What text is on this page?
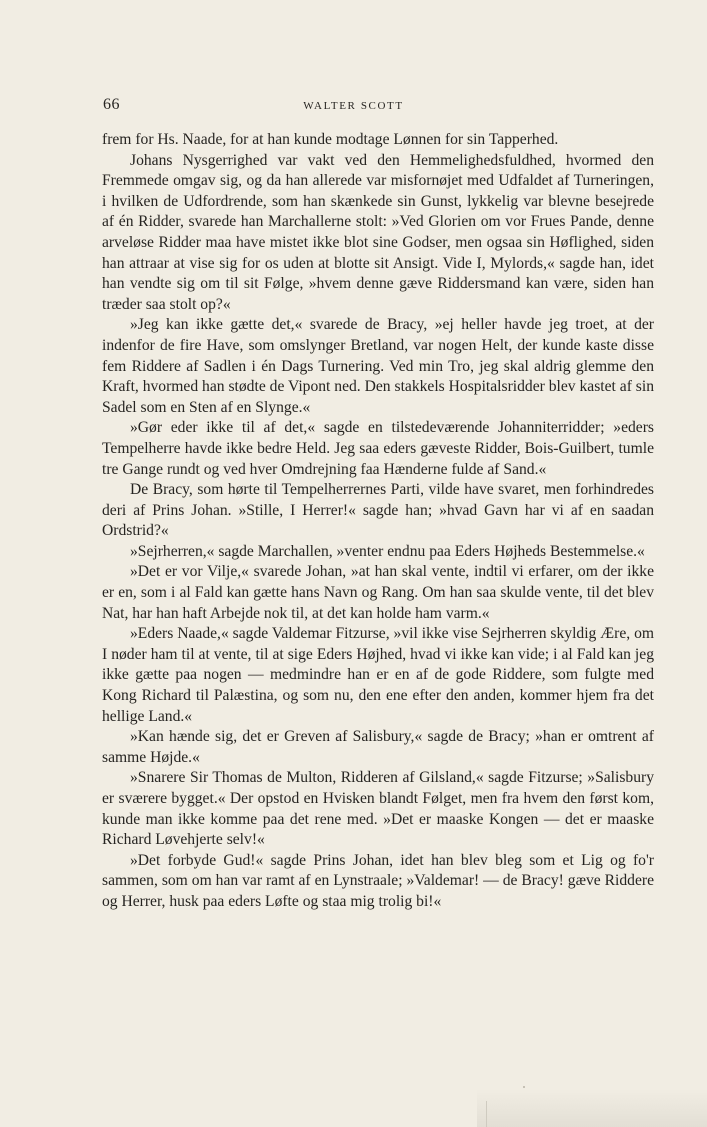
66	WALTER SCOTT

frem for Hs. Naade, for at han kunde modtage Lønnen for sin Tapperhed.

Johans Nysgerrighed var vakt ved den Hemmelighedsfuldhed, hvormed den Fremmede omgav sig, og da han allerede var misfornøjet med Udfaldet af Turneringen, i hvilken de Udfordrende, som han skænkede sin Gunst, lykkelig var blevne besejrede af én Ridder, svarede han Marchallerne stolt: »Ved Glorien om vor Frues Pande, denne arveløse Ridder maa have mistet ikke blot sine Godser, men ogsaa sin Høflighed, siden han attraar at vise sig for os uden at blotte sit Ansigt. Vide I, Mylords,« sagde han, idet han vendte sig om til sit Følge, »hvem denne gæve Riddersmand kan være, siden han træder saa stolt op?«

»Jeg kan ikke gætte det,« svarede de Bracy, »ej heller havde jeg troet, at der indenfor de fire Have, som omslynger Bretland, var nogen Helt, der kunde kaste disse fem Riddere af Sadlen i én Dags Turnering. Ved min Tro, jeg skal aldrig glemme den Kraft, hvormed han stødte de Vipont ned. Den stakkels Hospitalsridder blev kastet af sin Sadel som en Sten af en Slynge.«

»Gør eder ikke til af det,« sagde en tilstedeværende Johanniterridder; »eders Tempelherre havde ikke bedre Held. Jeg saa eders gæveste Ridder, Bois-Guilbert, tumle tre Gange rundt og ved hver Omdrejning faa Hænderne fulde af Sand.«

De Bracy, som hørte til Tempelherrernes Parti, vilde have svaret, men forhindredes deri af Prins Johan. »Stille, I Herrer!« sagde han; »hvad Gavn har vi af en saadan Ordstrid?«

»Sejrherren,« sagde Marchallen, »venter endnu paa Eders Højheds Bestemmelse.«

»Det er vor Vilje,« svarede Johan, »at han skal vente, indtil vi erfarer, om der ikke er en, som i al Fald kan gætte hans Navn og Rang. Om han saa skulde vente, til det blev Nat, har han haft Arbejde nok til, at det kan holde ham varm.«

»Eders Naade,« sagde Valdemar Fitzurse, »vil ikke vise Sejrherren skyldig Ære, om I nøder ham til at vente, til at sige Eders Højhed, hvad vi ikke kan vide; i al Fald kan jeg ikke gætte paa nogen — medmindre han er en af de gode Riddere, som fulgte med Kong Richard til Palæstina, og som nu, den ene efter den anden, kommer hjem fra det hellige Land.«

»Kan hænde sig, det er Greven af Salisbury,« sagde de Bracy; »han er omtrent af samme Højde.«

»Snarere Sir Thomas de Multon, Ridderen af Gilsland,« sagde Fitzurse; »Salisbury er sværere bygget.« Der opstod en Hvisken blandt Følget, men fra hvem den først kom, kunde man ikke komme paa det rene med. »Det er maaske Kongen — det er maaske Richard Løvehjerte selv!«

»Det forbyde Gud!« sagde Prins Johan, idet han blev bleg som et Lig og fo'r sammen, som om han var ramt af en Lynstraale; »Valdemar! — de Bracy! gæve Riddere og Herrer, husk paa eders Løfte og staa mig trolig bi!«
